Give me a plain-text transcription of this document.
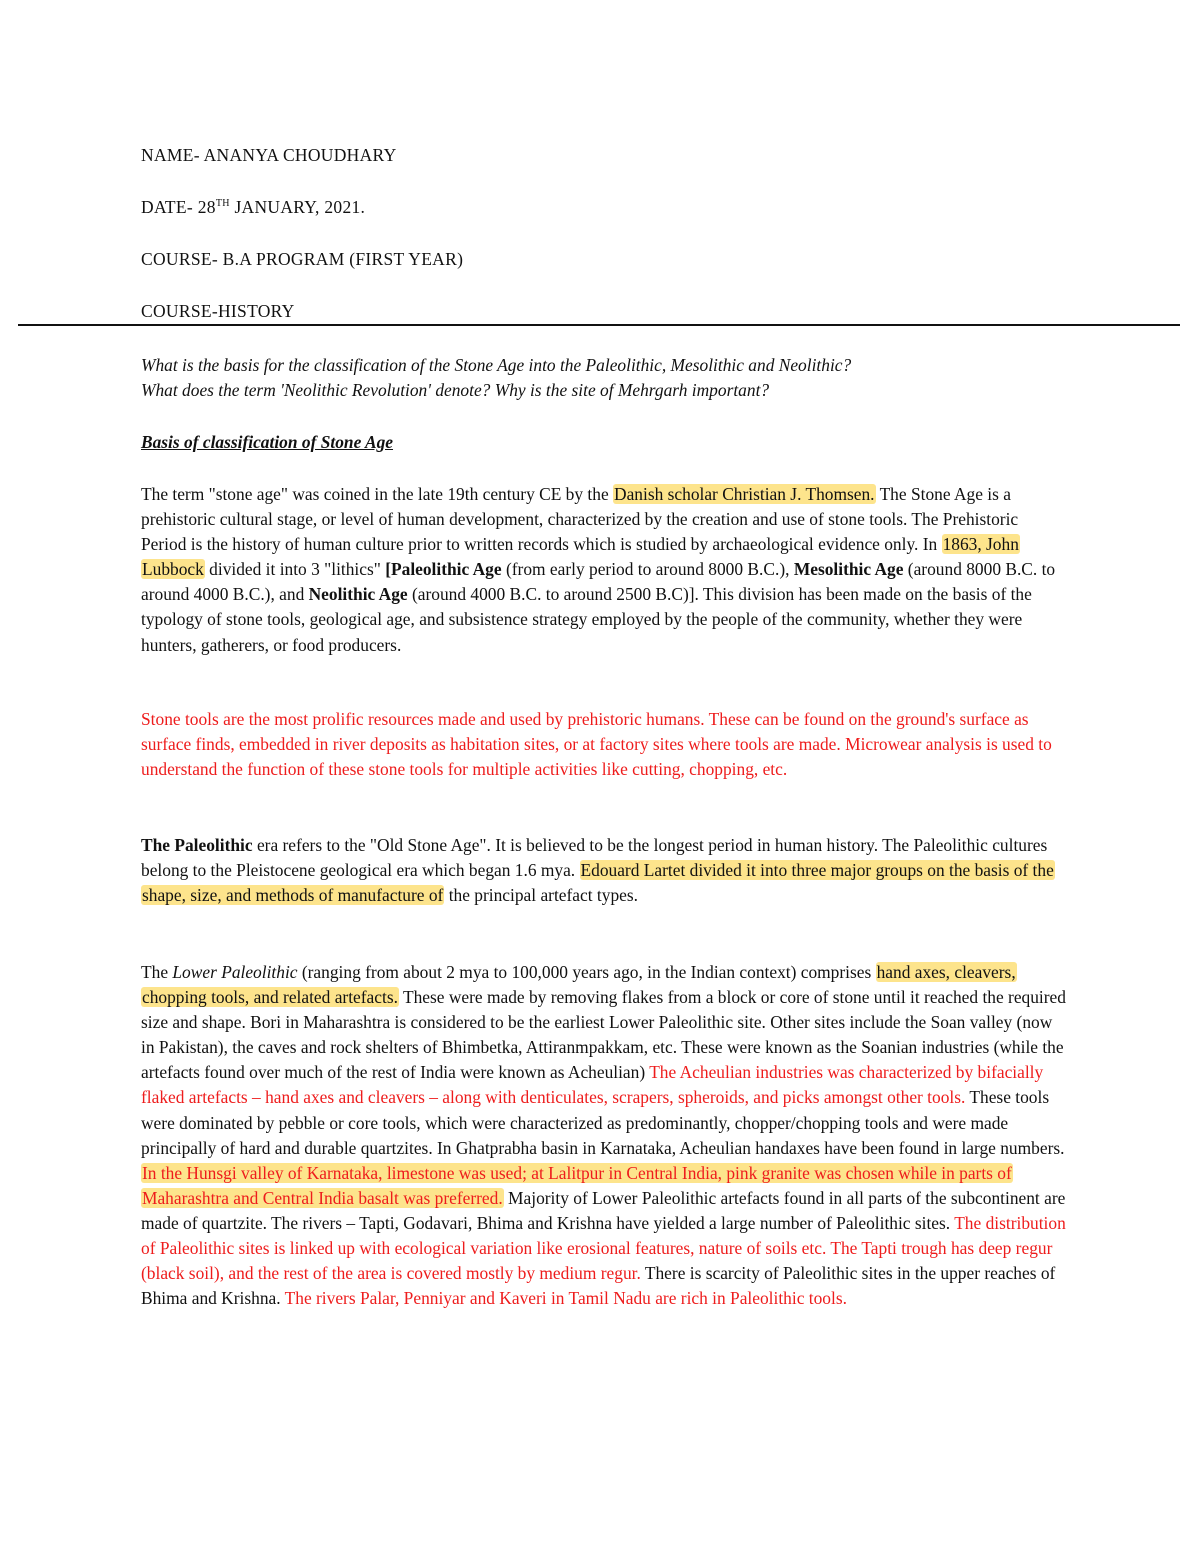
NAME- ANANYA CHOUDHARY
DATE- 28TH JANUARY, 2021.
COURSE- B.A PROGRAM (FIRST YEAR)
COURSE-HISTORY
What is the basis for the classification of the Stone Age into the Paleolithic, Mesolithic and Neolithic?
What does the term 'Neolithic Revolution' denote? Why is the site of Mehrgarh important?
Basis of classification of Stone Age
The term "stone age" was coined in the late 19th century CE by the Danish scholar Christian J. Thomsen. The Stone Age is a prehistoric cultural stage, or level of human development, characterized by the creation and use of stone tools. The Prehistoric Period is the history of human culture prior to written records which is studied by archaeological evidence only. In 1863, John Lubbock divided it into 3 "lithics" [Paleolithic Age (from early period to around 8000 B.C.), Mesolithic Age (around 8000 B.C. to around 4000 B.C.), and Neolithic Age (around 4000 B.C. to around 2500 B.C)]. This division has been made on the basis of the typology of stone tools, geological age, and subsistence strategy employed by the people of the community, whether they were hunters, gatherers, or food producers.
Stone tools are the most prolific resources made and used by prehistoric humans. These can be found on the ground's surface as surface finds, embedded in river deposits as habitation sites, or at factory sites where tools are made. Microwear analysis is used to understand the function of these stone tools for multiple activities like cutting, chopping, etc.
The Paleolithic era refers to the "Old Stone Age". It is believed to be the longest period in human history. The Paleolithic cultures belong to the Pleistocene geological era which began 1.6 mya. Edouard Lartet divided it into three major groups on the basis of the shape, size, and methods of manufacture of the principal artefact types.
The Lower Paleolithic (ranging from about 2 mya to 100,000 years ago, in the Indian context) comprises hand axes, cleavers, chopping tools, and related artefacts. These were made by removing flakes from a block or core of stone until it reached the required size and shape. Bori in Maharashtra is considered to be the earliest Lower Paleolithic site. Other sites include the Soan valley (now in Pakistan), the caves and rock shelters of Bhimbetka, Attiranmpakkam, etc. These were known as the Soanian industries (while the artefacts found over much of the rest of India were known as Acheulian) The Acheulian industries was characterized by bifacially flaked artefacts – hand axes and cleavers – along with denticulates, scrapers, spheroids, and picks amongst other tools. These tools were dominated by pebble or core tools, which were characterized as predominantly, chopper/chopping tools and were made principally of hard and durable quartzites. In Ghatprabha basin in Karnataka, Acheulian handaxes have been found in large numbers. In the Hunsgi valley of Karnataka, limestone was used; at Lalitpur in Central India, pink granite was chosen while in parts of Maharashtra and Central India basalt was preferred. Majority of Lower Paleolithic artefacts found in all parts of the subcontinent are made of quartzite. The rivers – Tapti, Godavari, Bhima and Krishna have yielded a large number of Paleolithic sites. The distribution of Paleolithic sites is linked up with ecological variation like erosional features, nature of soils etc. The Tapti trough has deep regur (black soil), and the rest of the area is covered mostly by medium regur. There is scarcity of Paleolithic sites in the upper reaches of Bhima and Krishna. The rivers Palar, Penniyar and Kaveri in Tamil Nadu are rich in Paleolithic tools.
